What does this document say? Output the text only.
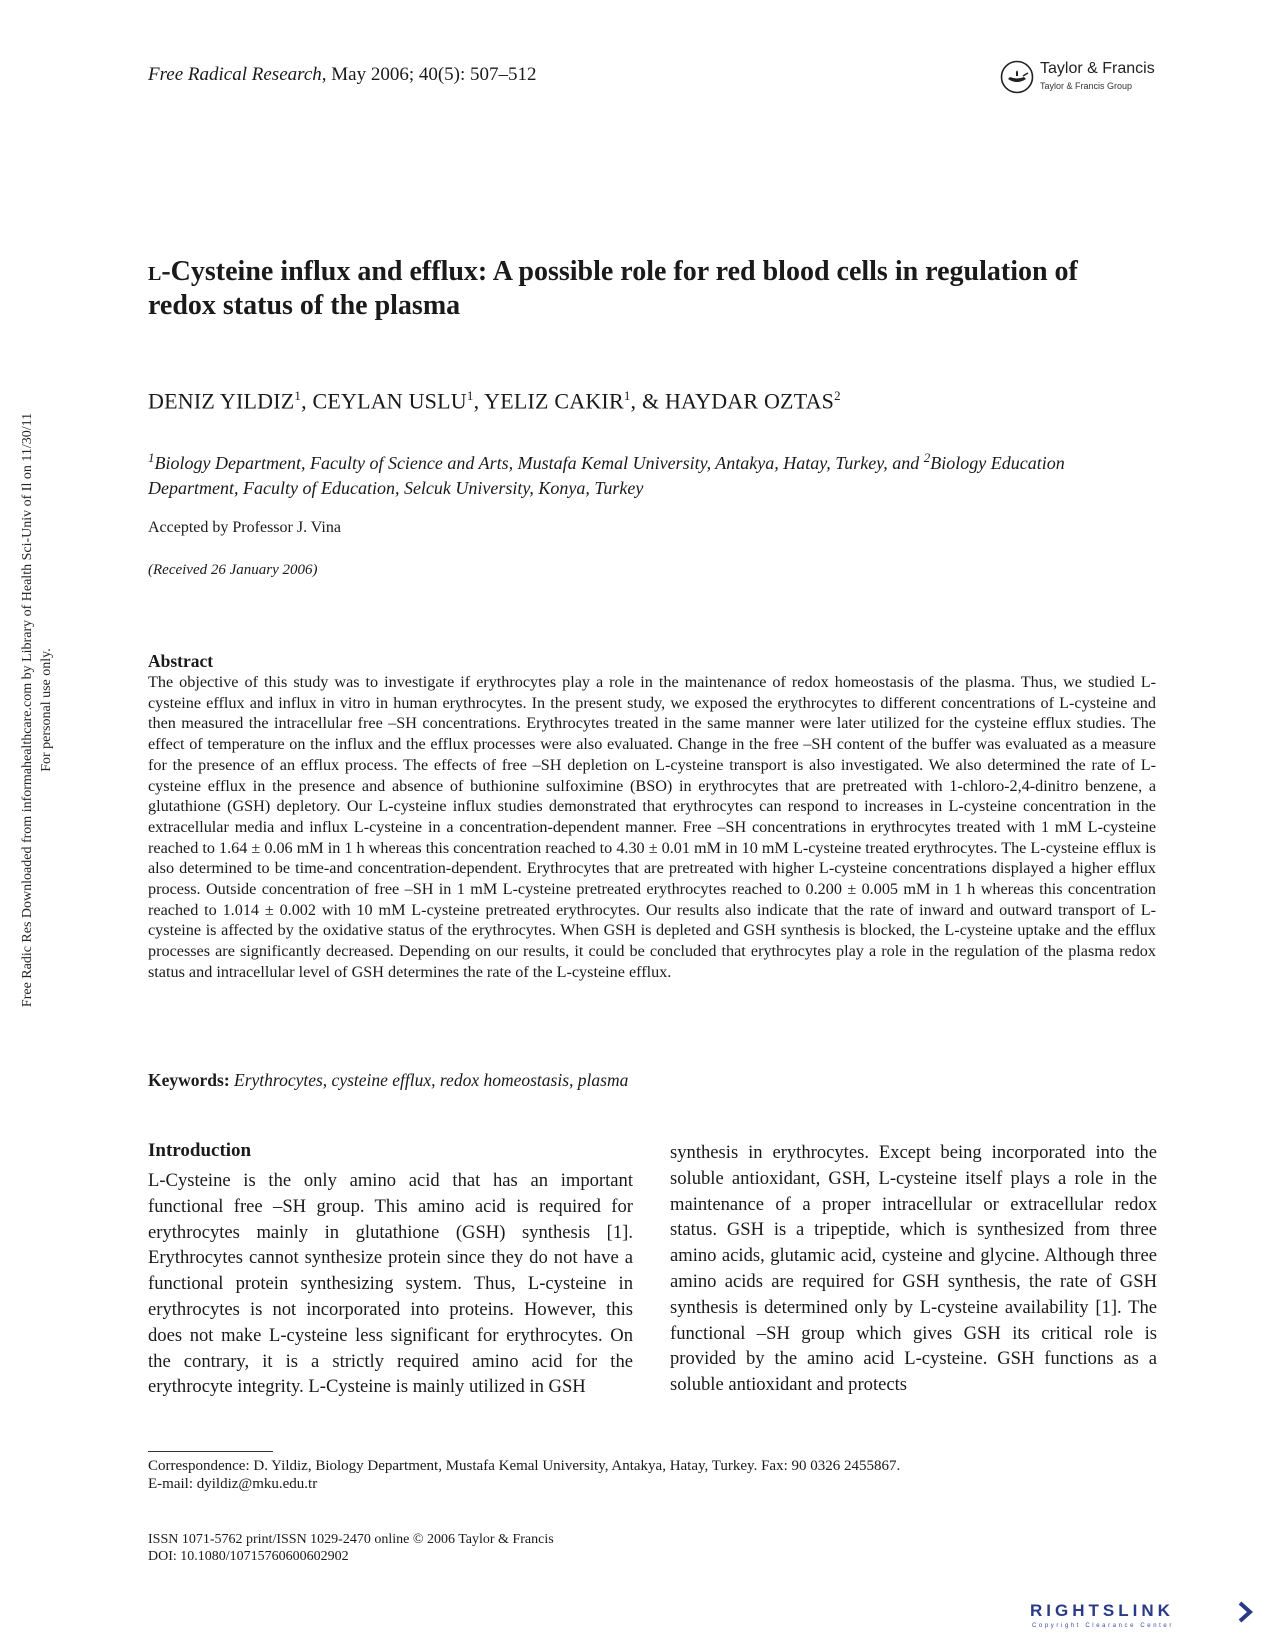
Free Radical Research, May 2006; 40(5): 507–512	Taylor & Francis
Taylor & Francis Group
Free Radic Res Downloaded from informahealthcare.com by Library of Health Sci-Univ of Il on 11/30/11 For personal use only.
l-Cysteine influx and efflux: A possible role for red blood cells in regulation of redox status of the plasma
DENIZ YILDIZ$^1$, CEYLAN USLU$^1$, YELIZ CAKIR$^1$, & HAYDAR OZTAS$^2$
$^1$Biology Department, Faculty of Science and Arts, Mustafa Kemal University, Antakya, Hatay, Turkey, and $^2$Biology Education Department, Faculty of Education, Selcuk University, Konya, Turkey
Accepted by Professor J. Vina
(Received 26 January 2006)
Abstract
The objective of this study was to investigate if erythrocytes play a role in the maintenance of redox homeostasis of the plasma. Thus, we studied L-cysteine efflux and influx in vitro in human erythrocytes. In the present study, we exposed the erythrocytes to different concentrations of L-cysteine and then measured the intracellular free –SH concentrations. Erythrocytes treated in the same manner were later utilized for the cysteine efflux studies. The effect of temperature on the influx and the efflux processes were also evaluated. Change in the free –SH content of the buffer was evaluated as a measure for the presence of an efflux process. The effects of free –SH depletion on L-cysteine transport is also investigated. We also determined the rate of L-cysteine efflux in the presence and absence of buthionine sulfoximine (BSO) in erythrocytes that are pretreated with 1-chloro-2,4-dinitro benzene, a glutathione (GSH) depletory. Our L-cysteine influx studies demonstrated that erythrocytes can respond to increases in L-cysteine concentration in the extracellular media and influx L-cysteine in a concentration-dependent manner. Free –SH concentrations in erythrocytes treated with 1 mM L-cysteine reached to 1.64 ± 0.06 mM in 1 h whereas this concentration reached to 4.30 ± 0.01 mM in 10 mM L-cysteine treated erythrocytes. The L-cysteine efflux is also determined to be time-and concentration-dependent. Erythrocytes that are pretreated with higher L-cysteine concentrations displayed a higher efflux process. Outside concentration of free –SH in 1 mM L-cysteine pretreated erythrocytes reached to 0.200 ± 0.005 mM in 1 h whereas this concentration reached to 1.014 ± 0.002 with 10 mM L-cysteine pretreated erythrocytes. Our results also indicate that the rate of inward and outward transport of L-cysteine is affected by the oxidative status of the erythrocytes. When GSH is depleted and GSH synthesis is blocked, the L-cysteine uptake and the efflux processes are significantly decreased. Depending on our results, it could be concluded that erythrocytes play a role in the regulation of the plasma redox status and intracellular level of GSH determines the rate of the L-cysteine efflux.
Keywords: Erythrocytes, cysteine efflux, redox homeostasis, plasma
Introduction
L-Cysteine is the only amino acid that has an important functional free –SH group. This amino acid is required for erythrocytes mainly in glutathione (GSH) synthesis [1]. Erythrocytes cannot synthesize protein since they do not have a functional protein synthesizing system. Thus, L-cysteine in erythrocytes is not incorporated into proteins. However, this does not make L-cysteine less significant for erythrocytes. On the contrary, it is a strictly required amino acid for the erythrocyte integrity. L-Cysteine is mainly utilized in GSH
synthesis in erythrocytes. Except being incorporated into the soluble antioxidant, GSH, L-cysteine itself plays a role in the maintenance of a proper intracellular or extracellular redox status. GSH is a tripeptide, which is synthesized from three amino acids, glutamic acid, cysteine and glycine. Although three amino acids are required for GSH synthesis, the rate of GSH synthesis is determined only by L-cysteine availability [1]. The functional –SH group which gives GSH its critical role is provided by the amino acid L-cysteine. GSH functions as a soluble antioxidant and protects
Correspondence: D. Yildiz, Biology Department, Mustafa Kemal University, Antakya, Hatay, Turkey. Fax: 90 0326 2455867.
E-mail: dyildiz@mku.edu.tr
ISSN 1071-5762 print/ISSN 1029-2470 online © 2006 Taylor & Francis
DOI: 10.1080/10715760600602902
RIGHTSLINK
Copyright Clearance Center
